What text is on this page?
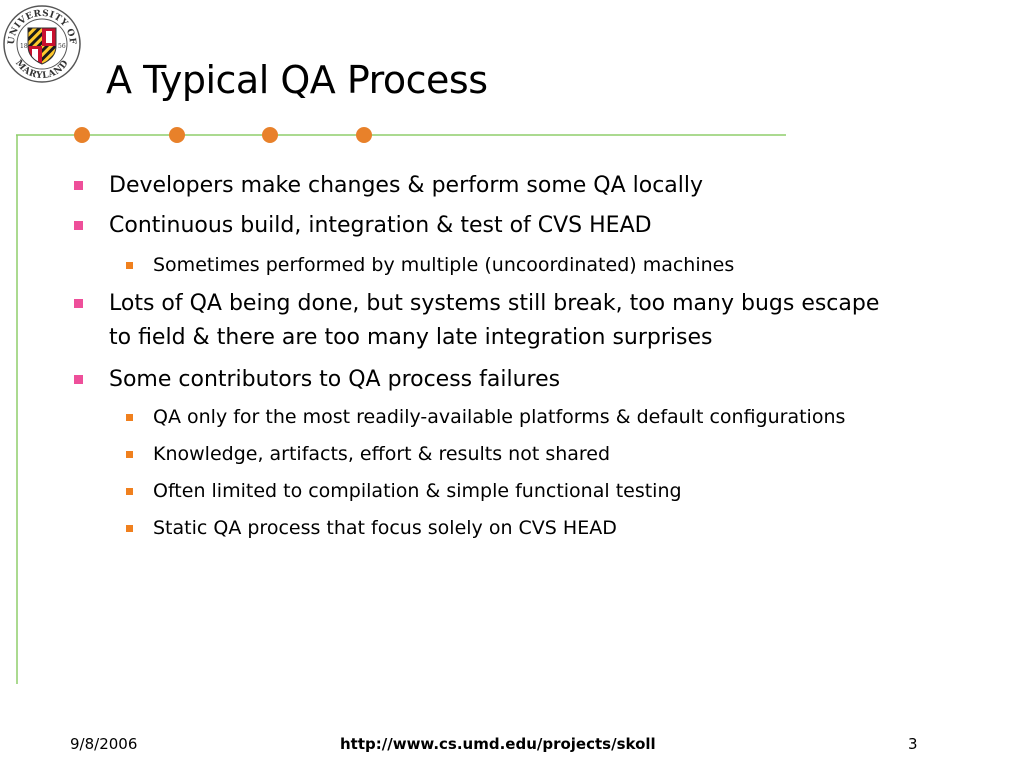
UNIVERSITY OF
MARYLAND
18	56
A Typical QA Process
Developers make changes & perform some QA locally
Continuous build, integration & test of CVS HEAD
Sometimes performed by multiple (uncoordinated) machines
Lots of QA being done, but systems still break, too many bugs escape
to field & there are too many late integration surprises
Some contributors to QA process failures
QA only for the most readily-available platforms & default configurations
Knowledge, artifacts, effort & results not shared
Often limited to compilation & simple functional testing
Static QA process that focus solely on CVS HEAD
9/8/2006	http://www.cs.umd.edu/projects/skoll	3
